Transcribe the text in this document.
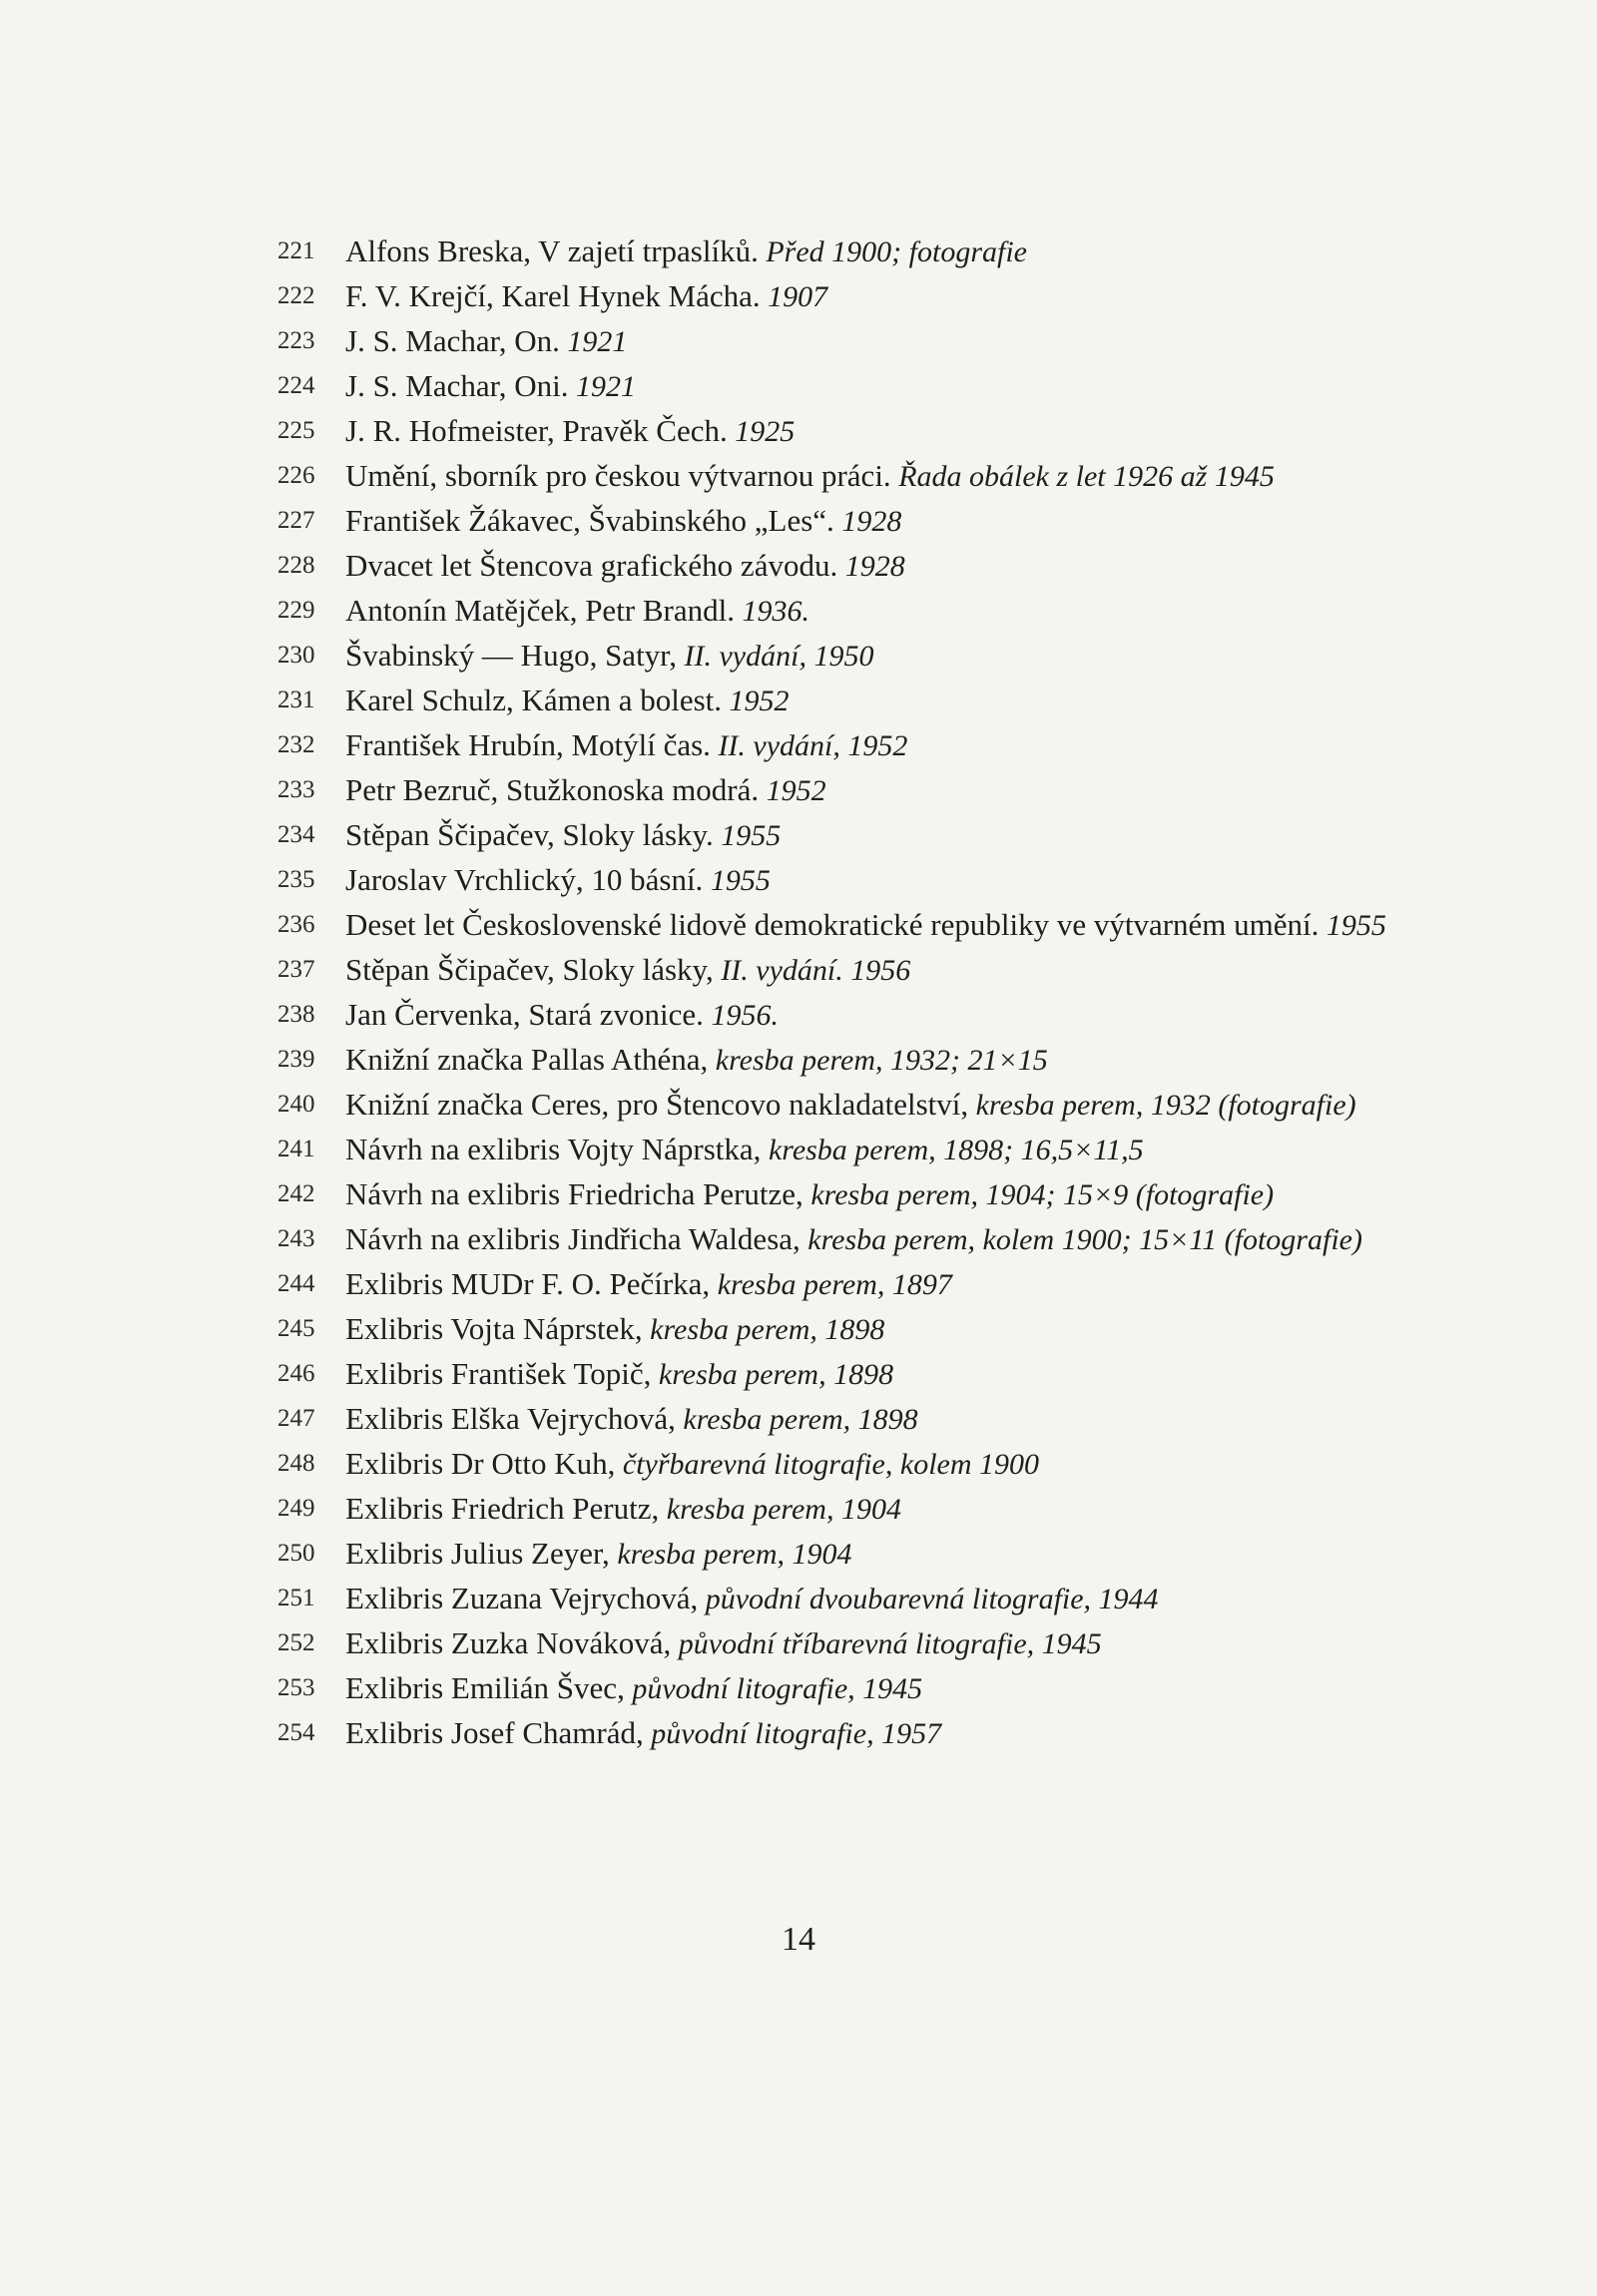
221 Alfons Breska, V zajetí trpaslíků. Před 1900; fotografie

222 F. V. Krejčí, Karel Hynek Mácha. 1907

223 J. S. Machar, On. 1921

224 J. S. Machar, Oni. 1921

225 J. R. Hofmeister, Pravěk Čech. 1925

226 Umění, sborník pro českou výtvarnou práci. Řada obálek z let 1926 až 1945

227 František Žákavec, Švabinského „Les“. 1928

228 Dvacet let Štencova grafického závodu. 1928

229 Antonín Matějček, Petr Brandl. 1936.

230 Švabinský — Hugo, Satyr, II. vydání, 1950

231 Karel Schulz, Kámen a bolest. 1952

232 František Hrubín, Motýlí čas. II. vydání, 1952

233 Petr Bezruč, Stužkonoska modrá. 1952

234 Stěpan Ščipačev, Sloky lásky. 1955

235 Jaroslav Vrchlický, 10 básní. 1955

236 Deset let Československé lidově demokratické republiky ve výtvarném umění. 1955

237 Stěpan Ščipačev, Sloky lásky, II. vydání. 1956

238 Jan Červenka, Stará zvonice. 1956.

239 Knižní značka Pallas Athéna, kresba perem, 1932; 21×15

240 Knižní značka Ceres, pro Štencovo nakladatelství, kresba perem, 1932 (fotografie)

241 Návrh na exlibris Vojty Náprstka, kresba perem, 1898; 16,5×11,5

242 Návrh na exlibris Friedricha Perutze, kresba perem, 1904; 15×9 (fotografie)

243 Návrh na exlibris Jindřicha Waldesa, kresba perem, kolem 1900; 15×11 (fotografie)

244 Exlibris MUDr F. O. Pečírka, kresba perem, 1897

245 Exlibris Vojta Náprstek, kresba perem, 1898

246 Exlibris František Topič, kresba perem, 1898

247 Exlibris Elška Vejrychová, kresba perem, 1898

248 Exlibris Dr Otto Kuh, čtyřbarevná litografie, kolem 1900

249 Exlibris Friedrich Perutz, kresba perem, 1904

250 Exlibris Julius Zeyer, kresba perem, 1904

251 Exlibris Zuzana Vejrychová, původní dvoubarevná litografie, 1944

252 Exlibris Zuzka Nováková, původní tříbarevná litografie, 1945

253 Exlibris Emilián Švec, původní litografie, 1945

254 Exlibris Josef Chamrád, původní litografie, 1957

14
